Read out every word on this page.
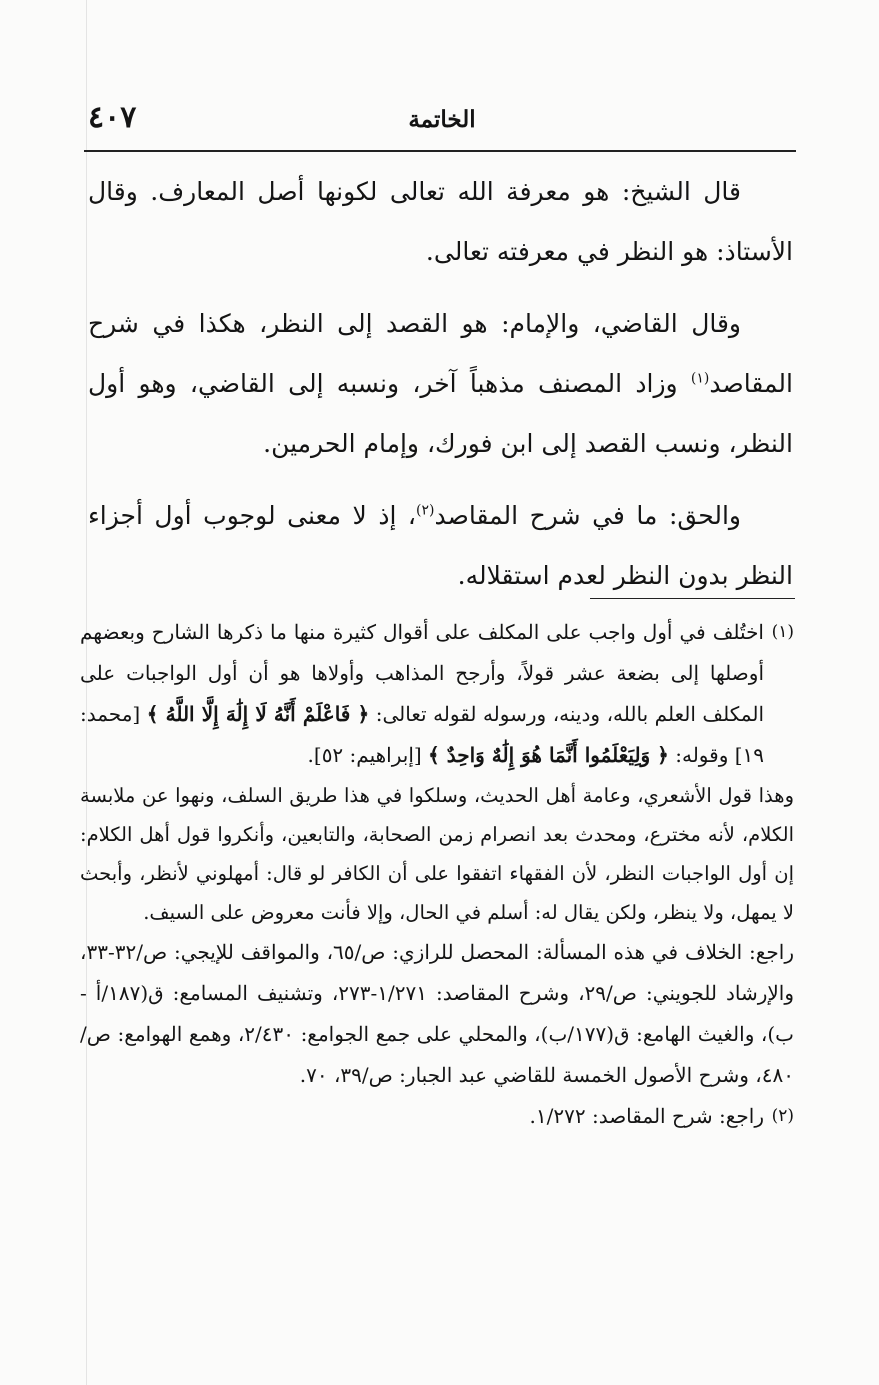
٤٠٧	الخاتمة

قال الشيخ: هو معرفة الله تعالى لكونها أصل المعارف. وقال الأستاذ: هو النظر في معرفته تعالى.

وقال القاضي، والإمام: هو القصد إلى النظر، هكذا في شرح المقاصد$^{(١)}$ وزاد المصنف مذهباً آخر، ونسبه إلى القاضي، وهو أول النظر، ونسب القصد إلى ابن فورك، وإمام الحرمين.

والحق: ما في شرح المقاصد$^{(٢)}$، إذ لا معنى لوجوب أول أجزاء النظر بدون النظر لعدم استقلاله.

(١)
اختُلف في أول واجب على المكلف على أقوال كثيرة منها ما ذكرها الشارح وبعضهم أوصلها إلى بضعة عشر قولاً، وأرجح المذاهب وأولاها هو أن أول الواجبات على المكلف العلم بالله، ودينه، ورسوله لقوله تعالى: ﴿ فَاعْلَمْ أَنَّهُ لَا إِلَٰهَ إِلَّا اللَّهُ ﴾ [محمد: ١٩] وقوله: ﴿ وَلِيَعْلَمُوا أَنَّمَا هُوَ إِلَٰهٌ وَاحِدٌ ﴾ [إبراهيم: ٥٢].

وهذا قول الأشعري، وعامة أهل الحديث، وسلكوا في هذا طريق السلف، ونهوا عن ملابسة الكلام، لأنه مخترع، ومحدث بعد انصرام زمن الصحابة، والتابعين، وأنكروا قول أهل الكلام: إن أول الواجبات النظر، لأن الفقهاء اتفقوا على أن الكافر لو قال: أمهلوني لأنظر، وأبحث لا يمهل، ولا ينظر، ولكن يقال له: أسلم في الحال، وإلا فأنت معروض على السيف.

راجع: الخلاف في هذه المسألة: المحصل للرازي: ص/٦٥، والمواقف للإيجي: ص/٣٢-٣٣، والإرشاد للجويني: ص/٢٩، وشرح المقاصد: ١/٢٧١-٢٧٣، وتشنيف المسامع: ق(١٨٧/أ - ب)، والغيث الهامع: ق(١٧٧/ب)، والمحلي على جمع الجوامع: ٢/٤٣٠، وهمع الهوامع: ص/٤٨٠، وشرح الأصول الخمسة للقاضي عبد الجبار: ص/٣٩، ٧٠.

(٢)
راجع: شرح المقاصد: ١/٢٧٢.
